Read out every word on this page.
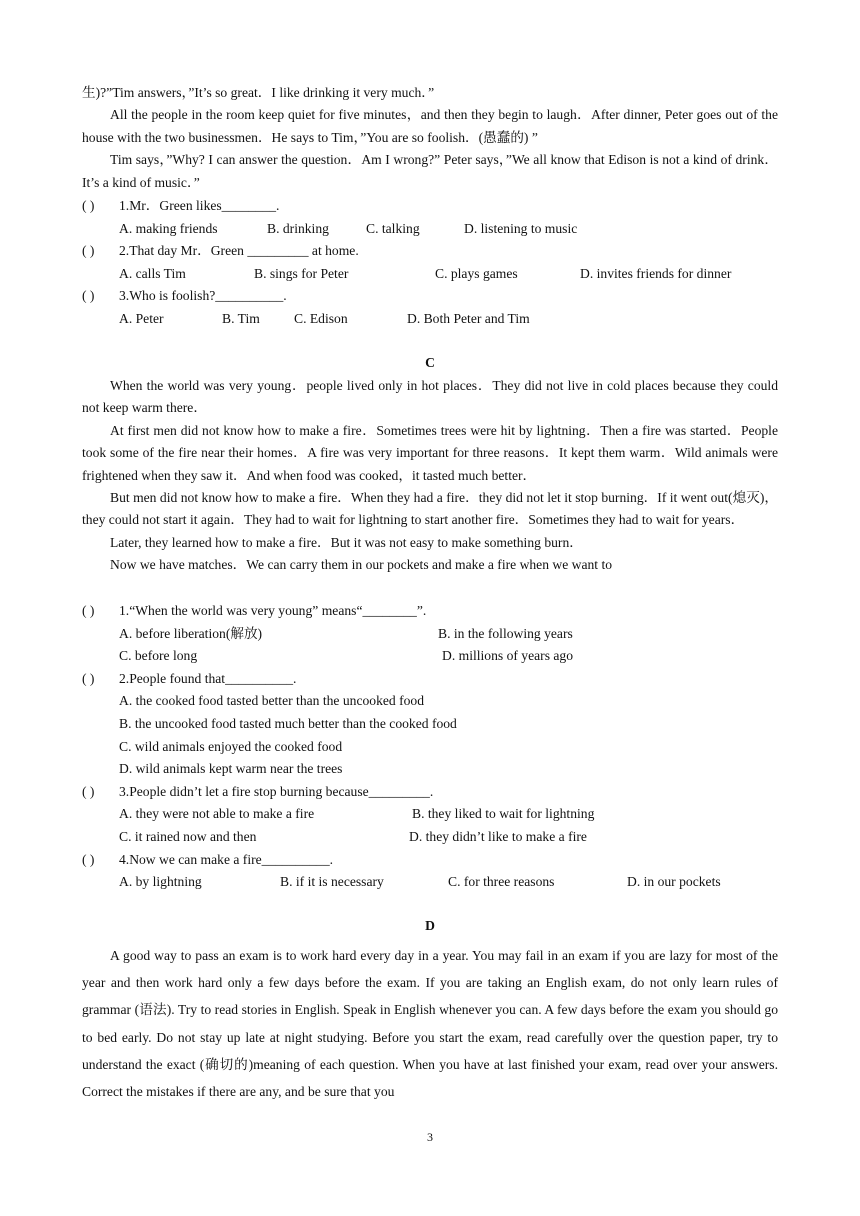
生)?”Tim answers，”It’s so great．I like drinking it very much．”

All the people in the room keep quiet for five minutes，and then they begin to laugh．After dinner, Peter goes out of the house with the two businessmen．He says to Tim，”You are so foolish．(愚蠢的) ”

Tim says，”Why? I can answer the question．Am I wrong?” Peter says，”We all know that Edison is not a kind of drink．It’s a kind of music．”

( ) 1.Mr．Green likes________.
A. making friends	B. drinking	C. talking	D. listening to music
( ) 2.That day Mr．Green _________ at home.
A. calls Tim	B. sings for Peter	C. plays games	D. invites friends for dinner
( ) 3.Who is foolish?__________.
A. Peter	B. Tim	C. Edison	D. Both Peter and Tim
C

When the world was very young．people lived only in hot places．They did not live in cold places because they could not keep warm there．

At first men did not know how to make a fire．Sometimes trees were hit by lightning．Then a fire was started．People took some of the fire near their homes．A fire was very important for three reasons．It kept them warm．Wild animals were frightened when they saw it．And when food was cooked，it tasted much better．

But men did not know how to make a fire．When they had a fire．they did not let it stop burning．If it went out(熄灭)，they could not start it again．They had to wait for lightning to start another fire．Sometimes they had to wait for years．

Later, they learned how to make a fire．But it was not easy to make something burn．

Now we have matches．We can carry them in our pockets and make a fire when we want to

( ) 1.“When the world was very young” means“________”.
A. before liberation(解放)	B. in the following years
C. before long	D. millions of years ago
( ) 2.People found that__________.
A. the cooked food tasted better than the uncooked food
B. the uncooked food tasted much better than the cooked food
C. wild animals enjoyed the cooked food
D. wild animals kept warm near the trees
( ) 3.People didn’t let a fire stop burning because_________.
A. they were not able to make a fire	B. they liked to wait for lightning
C. it rained now and then	D. they didn’t like to make a fire
( ) 4.Now we can make a fire__________.
A. by lightning	B. if it is necessary	C. for three reasons	D. in our pockets
D

A good way to pass an exam is to work hard every day in a year. You may fail in an exam if you are lazy for most of the year and then work hard only a few days before the exam. If you are taking an English exam, do not only learn rules of grammar (语法). Try to read stories in English. Speak in English whenever you can. A few days before the exam you should go to bed early. Do not stay up late at night studying. Before you start the exam, read carefully over the question paper, try to understand the exact (确切的)meaning of each question. When you have at last finished your exam, read over your answers. Correct the mistakes if there are any, and be sure that you

3
